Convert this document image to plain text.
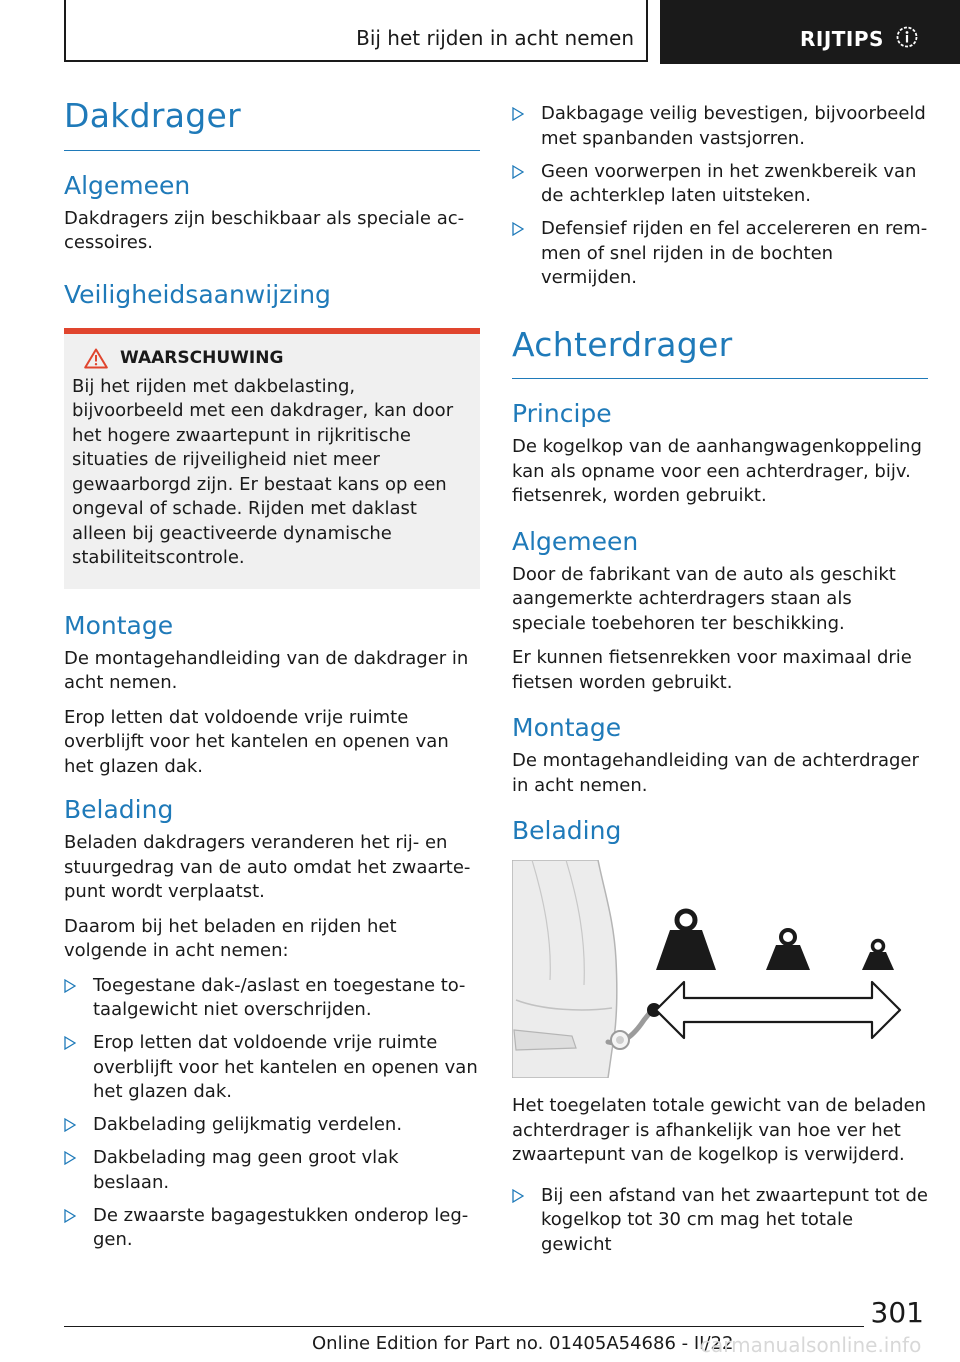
Bij het rijden in acht nemen	RIJTIPS
Dakdrager
Algemeen

Dakdragers zijn beschikbaar als speciale accessoires.

Veiligheidsaanwijzing
WAARSCHUWING

Bij het rijden met dakbelasting, bijvoorbeeld met een dakdrager, kan door het hogere zwaartepunt in rijkritische situaties de rijveiligheid niet meer gewaarborgd zijn. Er bestaat kans op een ongeval of schade. Rijden met daklast alleen bij geactiveerde dynamische stabiliteitscontrole.

Montage

De montagehandleiding van de dakdrager in acht nemen.

Erop letten dat voldoende vrije ruimte overblijft voor het kantelen en openen van het glazen dak.

Belading

Beladen dakdragers veranderen het rij- en stuurgedrag van de auto omdat het zwaartepunt wordt verplaatst.

Daarom bij het beladen en rijden het volgende in acht nemen:

Toegestane dak-/aslast en toegestane totaalgewicht niet overschrijden.
Erop letten dat voldoende vrije ruimte overblijft voor het kantelen en openen van het glazen dak.
Dakbelading gelijkmatig verdelen.
Dakbelading mag geen groot vlak beslaan.
De zwaarste bagagestukken onderop leggen.
Dakbagage veilig bevestigen, bijvoorbeeld met spanbanden vastsjorren.
Geen voorwerpen in het zwenkbereik van de achterklep laten uitsteken.
Defensief rijden en fel accelereren en remmen of snel rijden in de bochten vermijden.
Achterdrager
Principe

De kogelkop van de aanhangwagenkoppeling kan als opname voor een achterdrager, bijv. fietsenrek, worden gebruikt.

Algemeen

Door de fabrikant van de auto als geschikt aangemerkte achterdragers staan als speciale toebehoren ter beschikking.

Er kunnen fietsenrekken voor maximaal drie fietsen worden gebruikt.

Montage

De montagehandleiding van de achterdrager in acht nemen.

Belading

Het toegelaten totale gewicht van de beladen achterdrager is afhankelijk van hoe ver het zwaartepunt van de kogelkop is verwijderd.

Bij een afstand van het zwaartepunt tot de kogelkop tot 30 cm mag het totale gewicht
301
Online Edition for Part no. 01405A54686 - II/22
carmanualsonline.info
